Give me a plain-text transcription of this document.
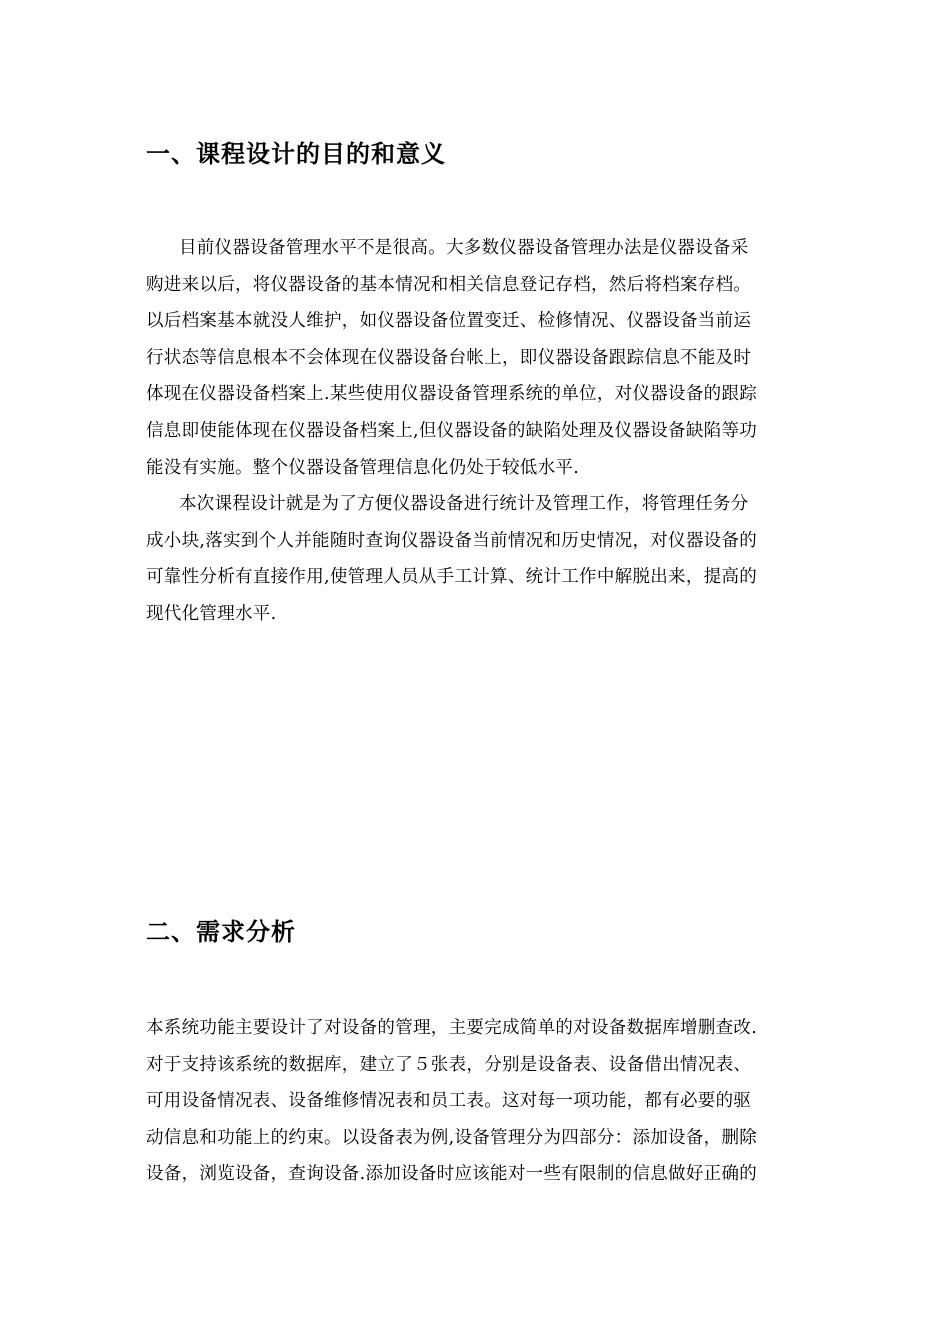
一、课程设计的目的和意义
目前仪器设备管理水平不是很高。大多数仪器设备管理办法是仪器设备采
购进来以后，将仪器设备的基本情况和相关信息登记存档，然后将档案存档。
以后档案基本就没人维护，如仪器设备位置变迁、检修情况、仪器设备当前运
行状态等信息根本不会体现在仪器设备台帐上，即仪器设备跟踪信息不能及时
体现在仪器设备档案上.某些使用仪器设备管理系统的单位，对仪器设备的跟踪
信息即使能体现在仪器设备档案上,但仪器设备的缺陷处理及仪器设备缺陷等功
能没有实施。整个仪器设备管理信息化仍处于较低水平.
本次课程设计就是为了方便仪器设备进行统计及管理工作，将管理任务分
成小块,落实到个人并能随时查询仪器设备当前情况和历史情况，对仪器设备的
可靠性分析有直接作用,使管理人员从手工计算、统计工作中解脱出来，提高的
现代化管理水平.
二、需求分析
本系统功能主要设计了对设备的管理，主要完成简单的对设备数据库增删查改.
对于支持该系统的数据库，建立了５张表，分别是设备表、设备借出情况表、
可用设备情况表、设备维修情况表和员工表。这对每一项功能，都有必要的驱
动信息和功能上的约束。以设备表为例,设备管理分为四部分：添加设备，删除
设备，浏览设备，查询设备.添加设备时应该能对一些有限制的信息做好正确的
